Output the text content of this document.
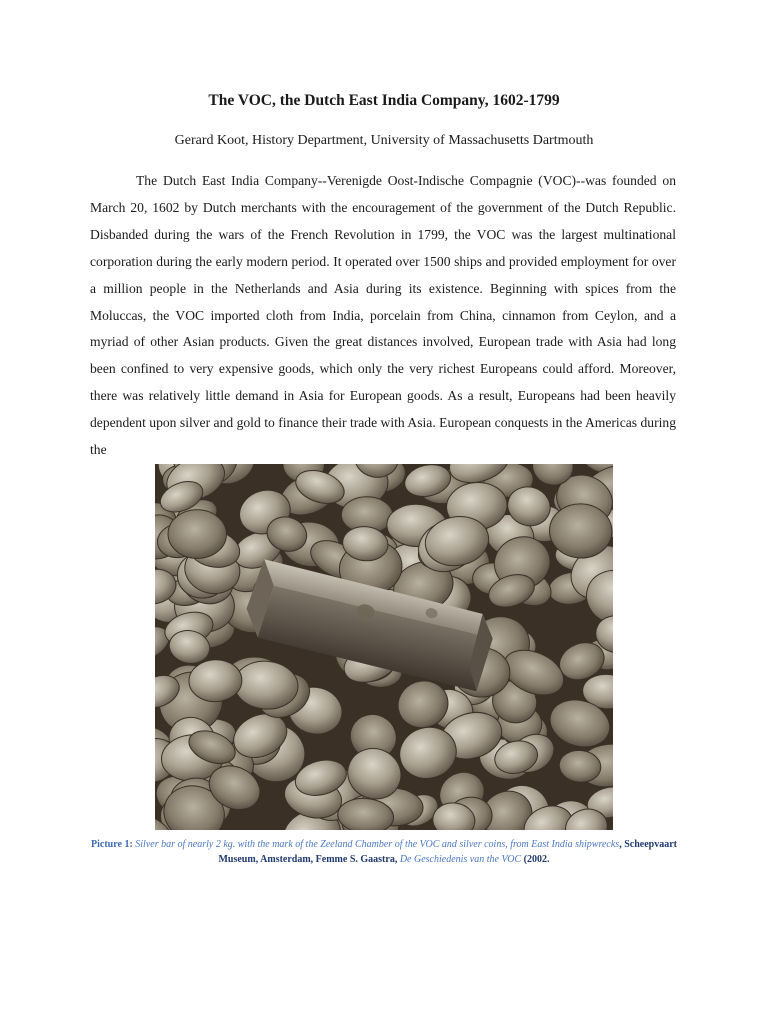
The VOC, the Dutch East India Company, 1602-1799
Gerard Koot, History Department, University of Massachusetts Dartmouth

The Dutch East India Company--Verenigde Oost-Indische Compagnie (VOC)--was founded on March 20, 1602 by Dutch merchants with the encouragement of the government of the Dutch Republic. Disbanded during the wars of the French Revolution in 1799, the VOC was the largest multinational corporation during the early modern period. It operated over 1500 ships and provided employment for over a million people in the Netherlands and Asia during its existence. Beginning with spices from the Moluccas, the VOC imported cloth from India, porcelain from China, cinnamon from Ceylon, and a myriad of other Asian products. Given the great distances involved, European trade with Asia had long been confined to very expensive goods, which only the very richest Europeans could afford. Moreover, there was relatively little demand in Asia for European goods. As a result, Europeans had been heavily dependent upon silver and gold to finance their trade with Asia. European conquests in the Americas during the

Picture 1: Silver bar of nearly 2 kg. with the mark of the Zeeland Chamber of the VOC and silver coins, from East India shipwrecks, Scheepvaart Museum, Amsterdam, Femme S. Gaastra, De Geschiedenis van the VOC (2002.
